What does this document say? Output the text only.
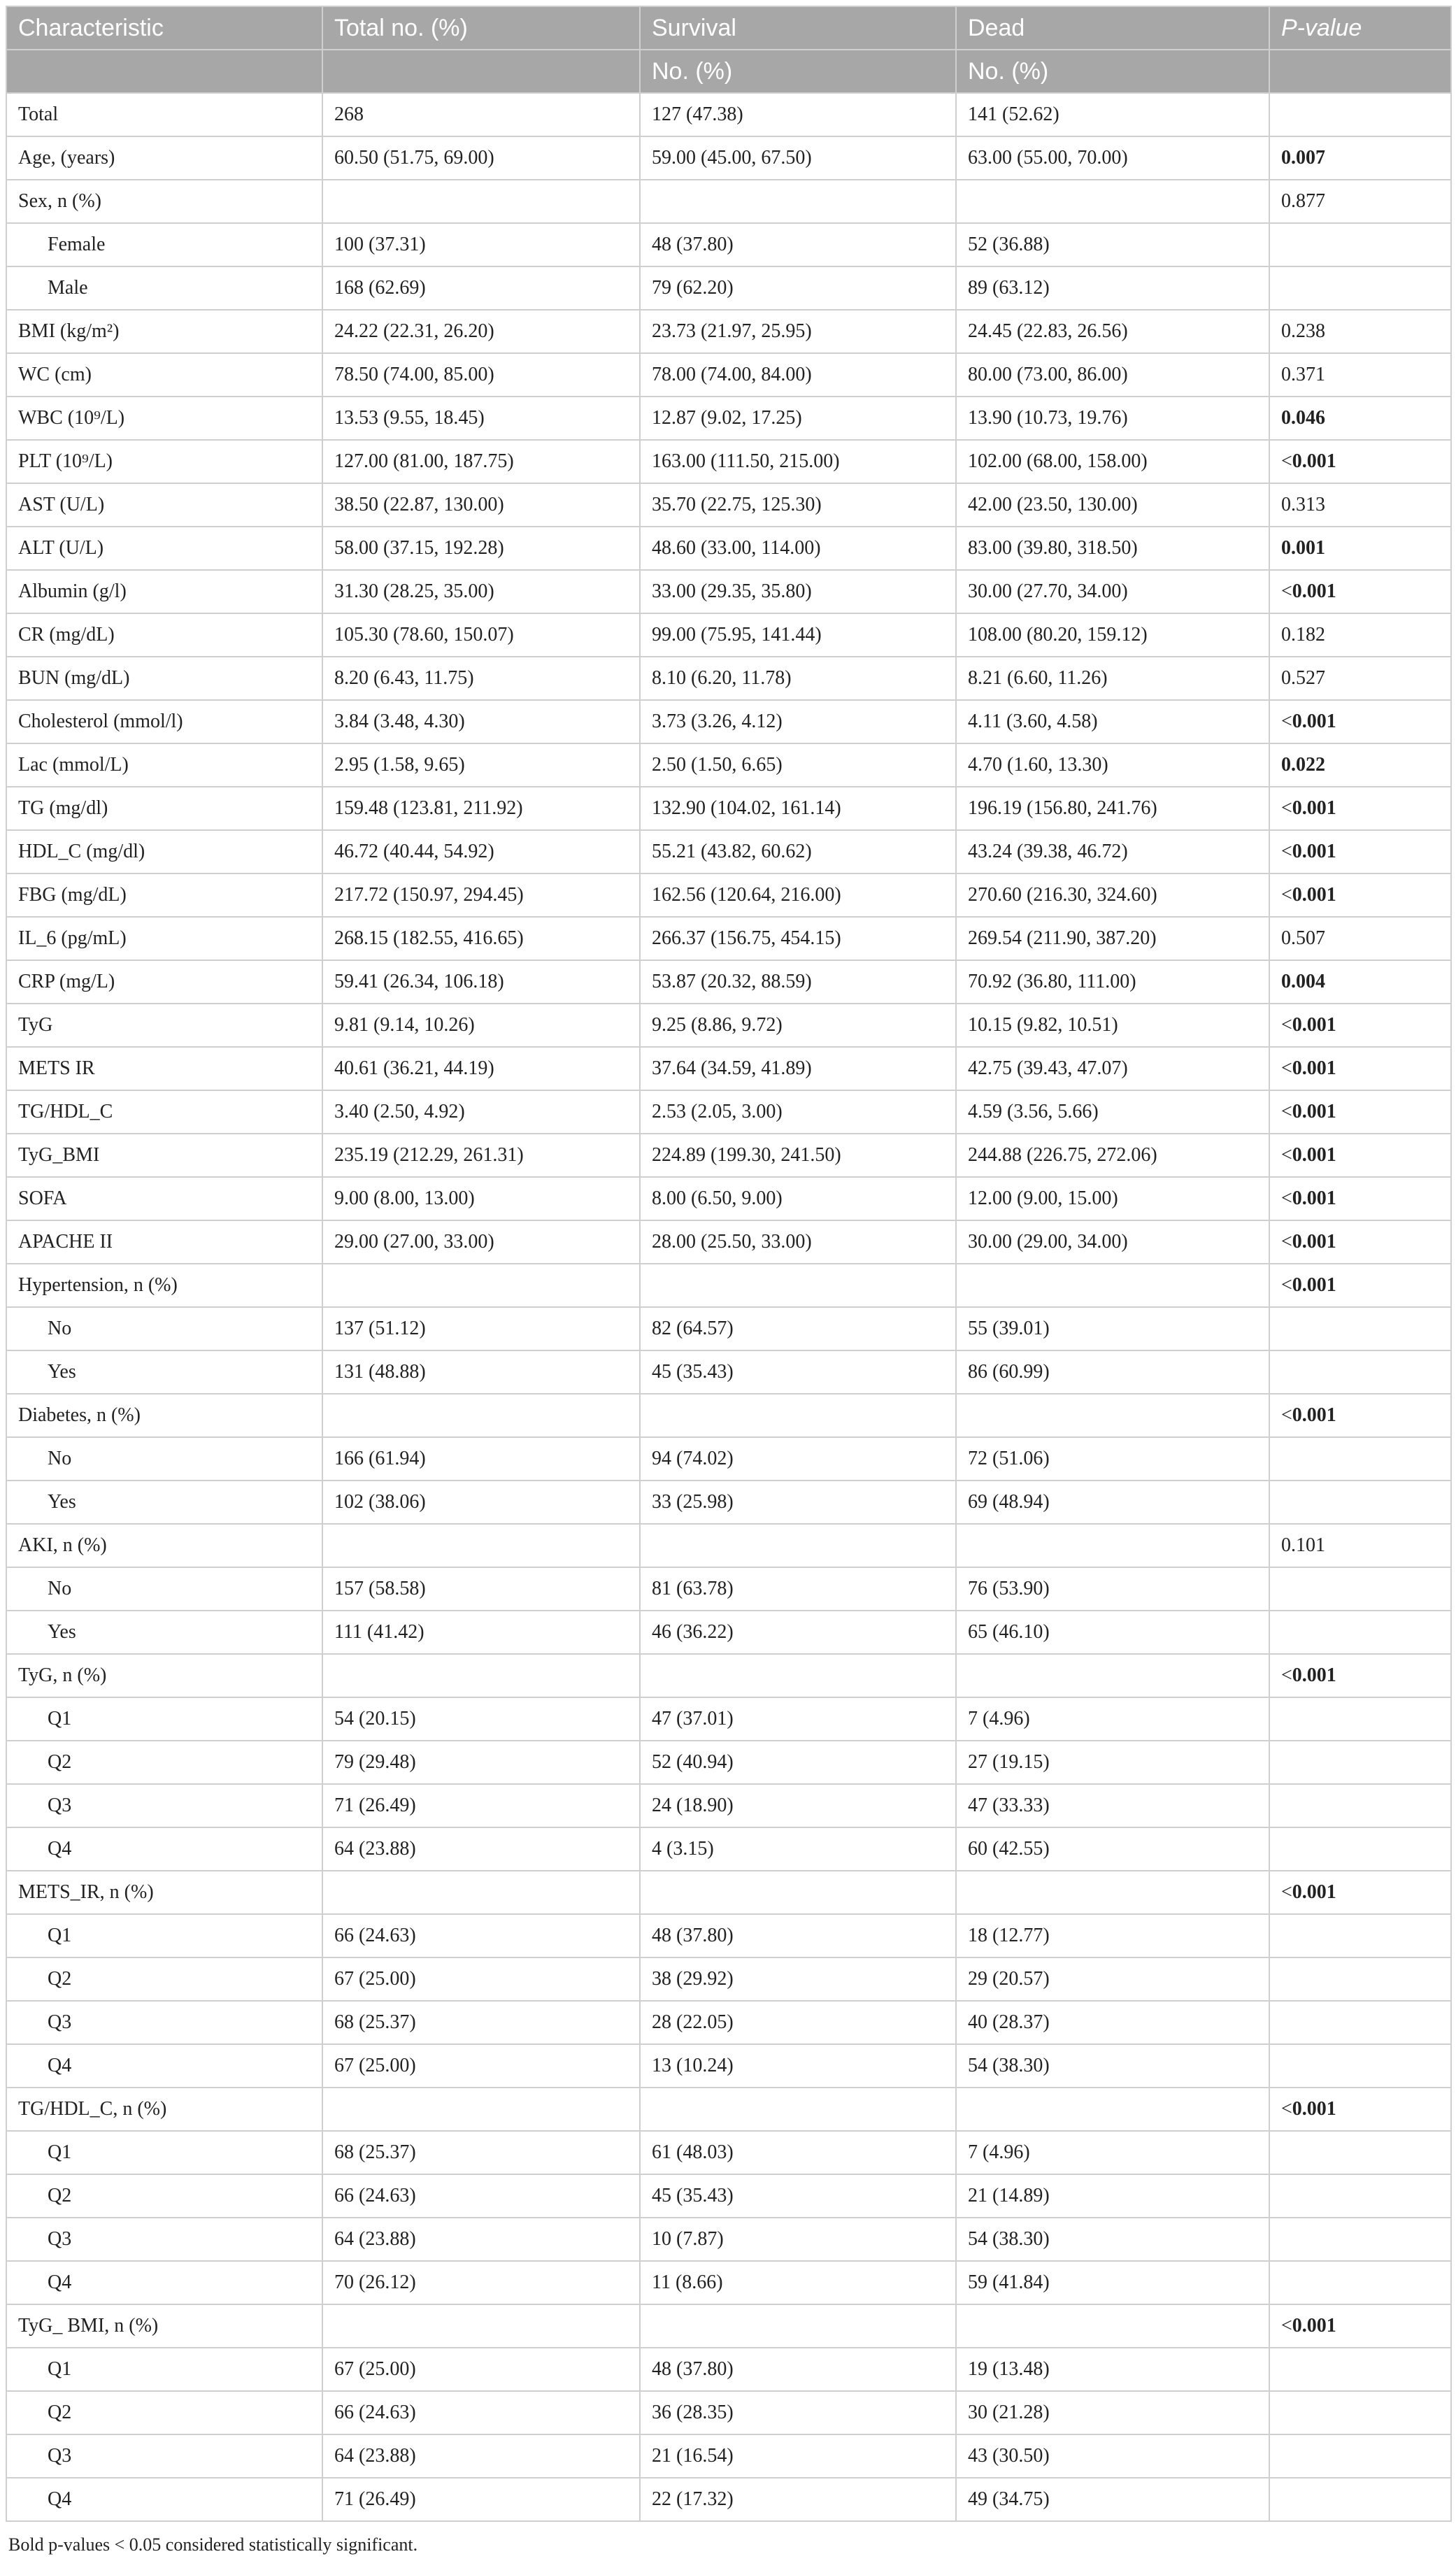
Characteristic	Total no. (%)	Survival	Dead	P-value
		No. (%)	No. (%)	
Total	268	127 (47.38)	141 (52.62)	
Age, (years)	60.50 (51.75, 69.00)	59.00 (45.00, 67.50)	63.00 (55.00, 70.00)	0.007
Sex, n (%)				0.877
Female	100 (37.31)	48 (37.80)	52 (36.88)	
Male	168 (62.69)	79 (62.20)	89 (63.12)	
BMI (kg/m²)	24.22 (22.31, 26.20)	23.73 (21.97, 25.95)	24.45 (22.83, 26.56)	0.238
WC (cm)	78.50 (74.00, 85.00)	78.00 (74.00, 84.00)	80.00 (73.00, 86.00)	0.371
WBC (10⁹/L)	13.53 (9.55, 18.45)	12.87 (9.02, 17.25)	13.90 (10.73, 19.76)	0.046
PLT (10⁹/L)	127.00 (81.00, 187.75)	163.00 (111.50, 215.00)	102.00 (68.00, 158.00)	<0.001
AST (U/L)	38.50 (22.87, 130.00)	35.70 (22.75, 125.30)	42.00 (23.50, 130.00)	0.313
ALT (U/L)	58.00 (37.15, 192.28)	48.60 (33.00, 114.00)	83.00 (39.80, 318.50)	0.001
Albumin (g/l)	31.30 (28.25, 35.00)	33.00 (29.35, 35.80)	30.00 (27.70, 34.00)	<0.001
CR (mg/dL)	105.30 (78.60, 150.07)	99.00 (75.95, 141.44)	108.00 (80.20, 159.12)	0.182
BUN (mg/dL)	8.20 (6.43, 11.75)	8.10 (6.20, 11.78)	8.21 (6.60, 11.26)	0.527
Cholesterol (mmol/l)	3.84 (3.48, 4.30)	3.73 (3.26, 4.12)	4.11 (3.60, 4.58)	<0.001
Lac (mmol/L)	2.95 (1.58, 9.65)	2.50 (1.50, 6.65)	4.70 (1.60, 13.30)	0.022
TG (mg/dl)	159.48 (123.81, 211.92)	132.90 (104.02, 161.14)	196.19 (156.80, 241.76)	<0.001
HDL_C (mg/dl)	46.72 (40.44, 54.92)	55.21 (43.82, 60.62)	43.24 (39.38, 46.72)	<0.001
FBG (mg/dL)	217.72 (150.97, 294.45)	162.56 (120.64, 216.00)	270.60 (216.30, 324.60)	<0.001
IL_6 (pg/mL)	268.15 (182.55, 416.65)	266.37 (156.75, 454.15)	269.54 (211.90, 387.20)	0.507
CRP (mg/L)	59.41 (26.34, 106.18)	53.87 (20.32, 88.59)	70.92 (36.80, 111.00)	0.004
TyG	9.81 (9.14, 10.26)	9.25 (8.86, 9.72)	10.15 (9.82, 10.51)	<0.001
METS IR	40.61 (36.21, 44.19)	37.64 (34.59, 41.89)	42.75 (39.43, 47.07)	<0.001
TG/HDL_C	3.40 (2.50, 4.92)	2.53 (2.05, 3.00)	4.59 (3.56, 5.66)	<0.001
TyG_BMI	235.19 (212.29, 261.31)	224.89 (199.30, 241.50)	244.88 (226.75, 272.06)	<0.001
SOFA	9.00 (8.00, 13.00)	8.00 (6.50, 9.00)	12.00 (9.00, 15.00)	<0.001
APACHE II	29.00 (27.00, 33.00)	28.00 (25.50, 33.00)	30.00 (29.00, 34.00)	<0.001
Hypertension, n (%)				<0.001
No	137 (51.12)	82 (64.57)	55 (39.01)	
Yes	131 (48.88)	45 (35.43)	86 (60.99)	
Diabetes, n (%)				<0.001
No	166 (61.94)	94 (74.02)	72 (51.06)	
Yes	102 (38.06)	33 (25.98)	69 (48.94)	
AKI, n (%)				0.101
No	157 (58.58)	81 (63.78)	76 (53.90)	
Yes	111 (41.42)	46 (36.22)	65 (46.10)	
TyG, n (%)				<0.001
Q1	54 (20.15)	47 (37.01)	7 (4.96)	
Q2	79 (29.48)	52 (40.94)	27 (19.15)	
Q3	71 (26.49)	24 (18.90)	47 (33.33)	
Q4	64 (23.88)	4 (3.15)	60 (42.55)	
METS_IR, n (%)				<0.001
Q1	66 (24.63)	48 (37.80)	18 (12.77)	
Q2	67 (25.00)	38 (29.92)	29 (20.57)	
Q3	68 (25.37)	28 (22.05)	40 (28.37)	
Q4	67 (25.00)	13 (10.24)	54 (38.30)	
TG/HDL_C, n (%)				<0.001
Q1	68 (25.37)	61 (48.03)	7 (4.96)	
Q2	66 (24.63)	45 (35.43)	21 (14.89)	
Q3	64 (23.88)	10 (7.87)	54 (38.30)	
Q4	70 (26.12)	11 (8.66)	59 (41.84)	
TyG_ BMI, n (%)				<0.001
Q1	67 (25.00)	48 (37.80)	19 (13.48)	
Q2	66 (24.63)	36 (28.35)	30 (21.28)	
Q3	64 (23.88)	21 (16.54)	43 (30.50)	
Q4	71 (26.49)	22 (17.32)	49 (34.75)	
Bold p-values < 0.05 considered statistically significant.
